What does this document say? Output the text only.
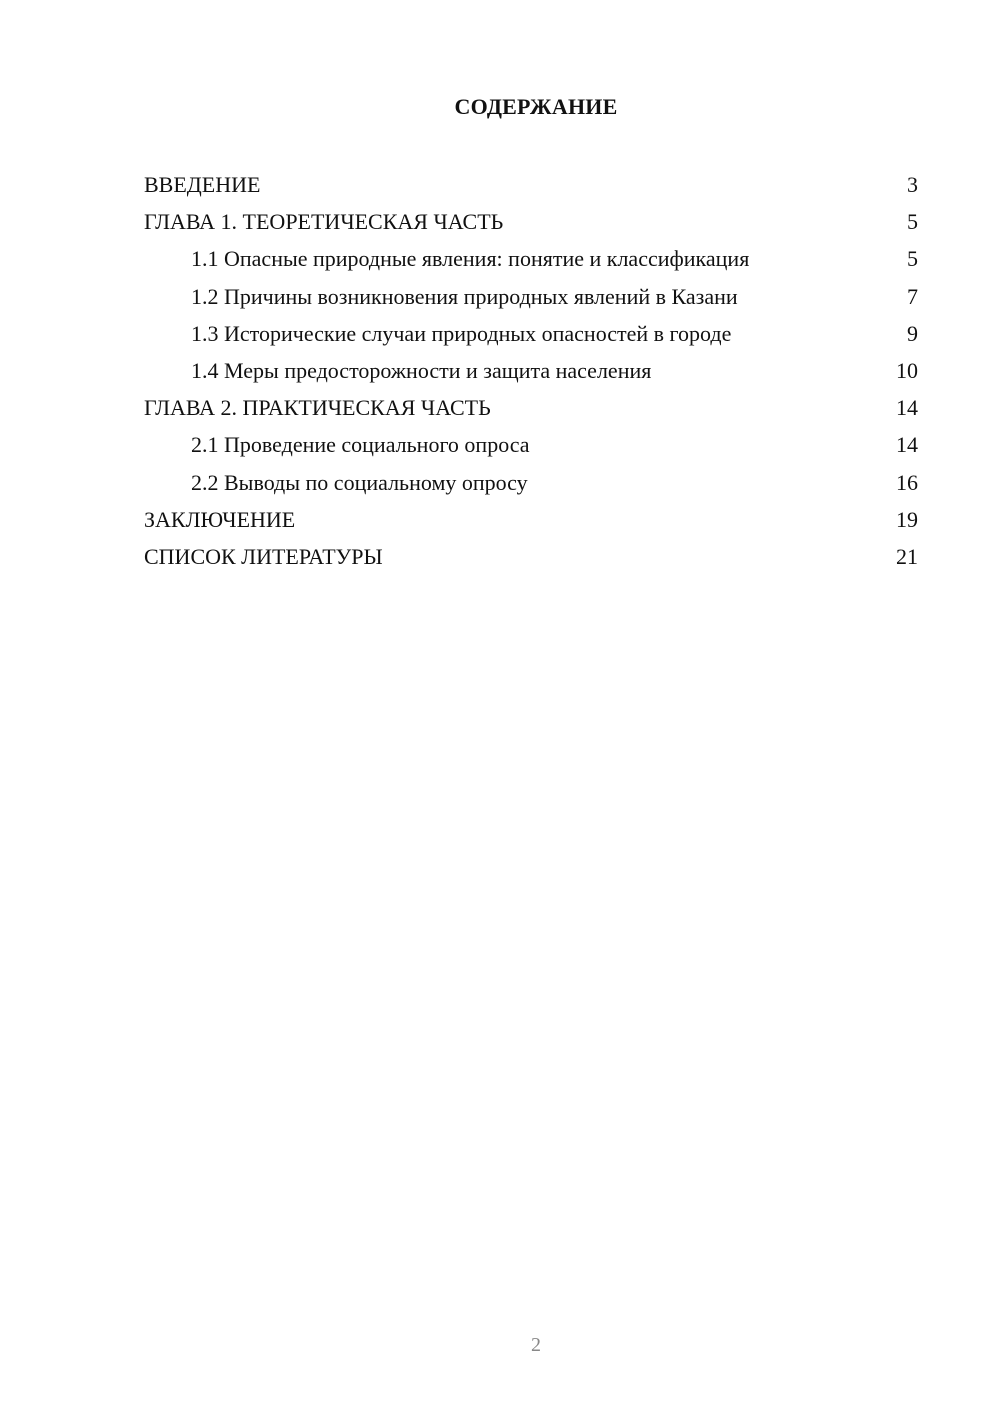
СОДЕРЖАНИЕ
ВВЕДЕНИЕ	3
ГЛАВА 1. ТЕОРЕТИЧЕСКАЯ ЧАСТЬ	5
1.1 Опасные природные явления: понятие и классификация	5
1.2 Причины возникновения природных явлений в Казани	7
1.3 Исторические случаи природных опасностей в городе	9
1.4 Меры предосторожности и защита населения	10
ГЛАВА 2. ПРАКТИЧЕСКАЯ ЧАСТЬ	14
2.1 Проведение социального опроса	14
2.2 Выводы по социальному опросу	16
ЗАКЛЮЧЕНИЕ	19
СПИСОК ЛИТЕРАТУРЫ	21
2
